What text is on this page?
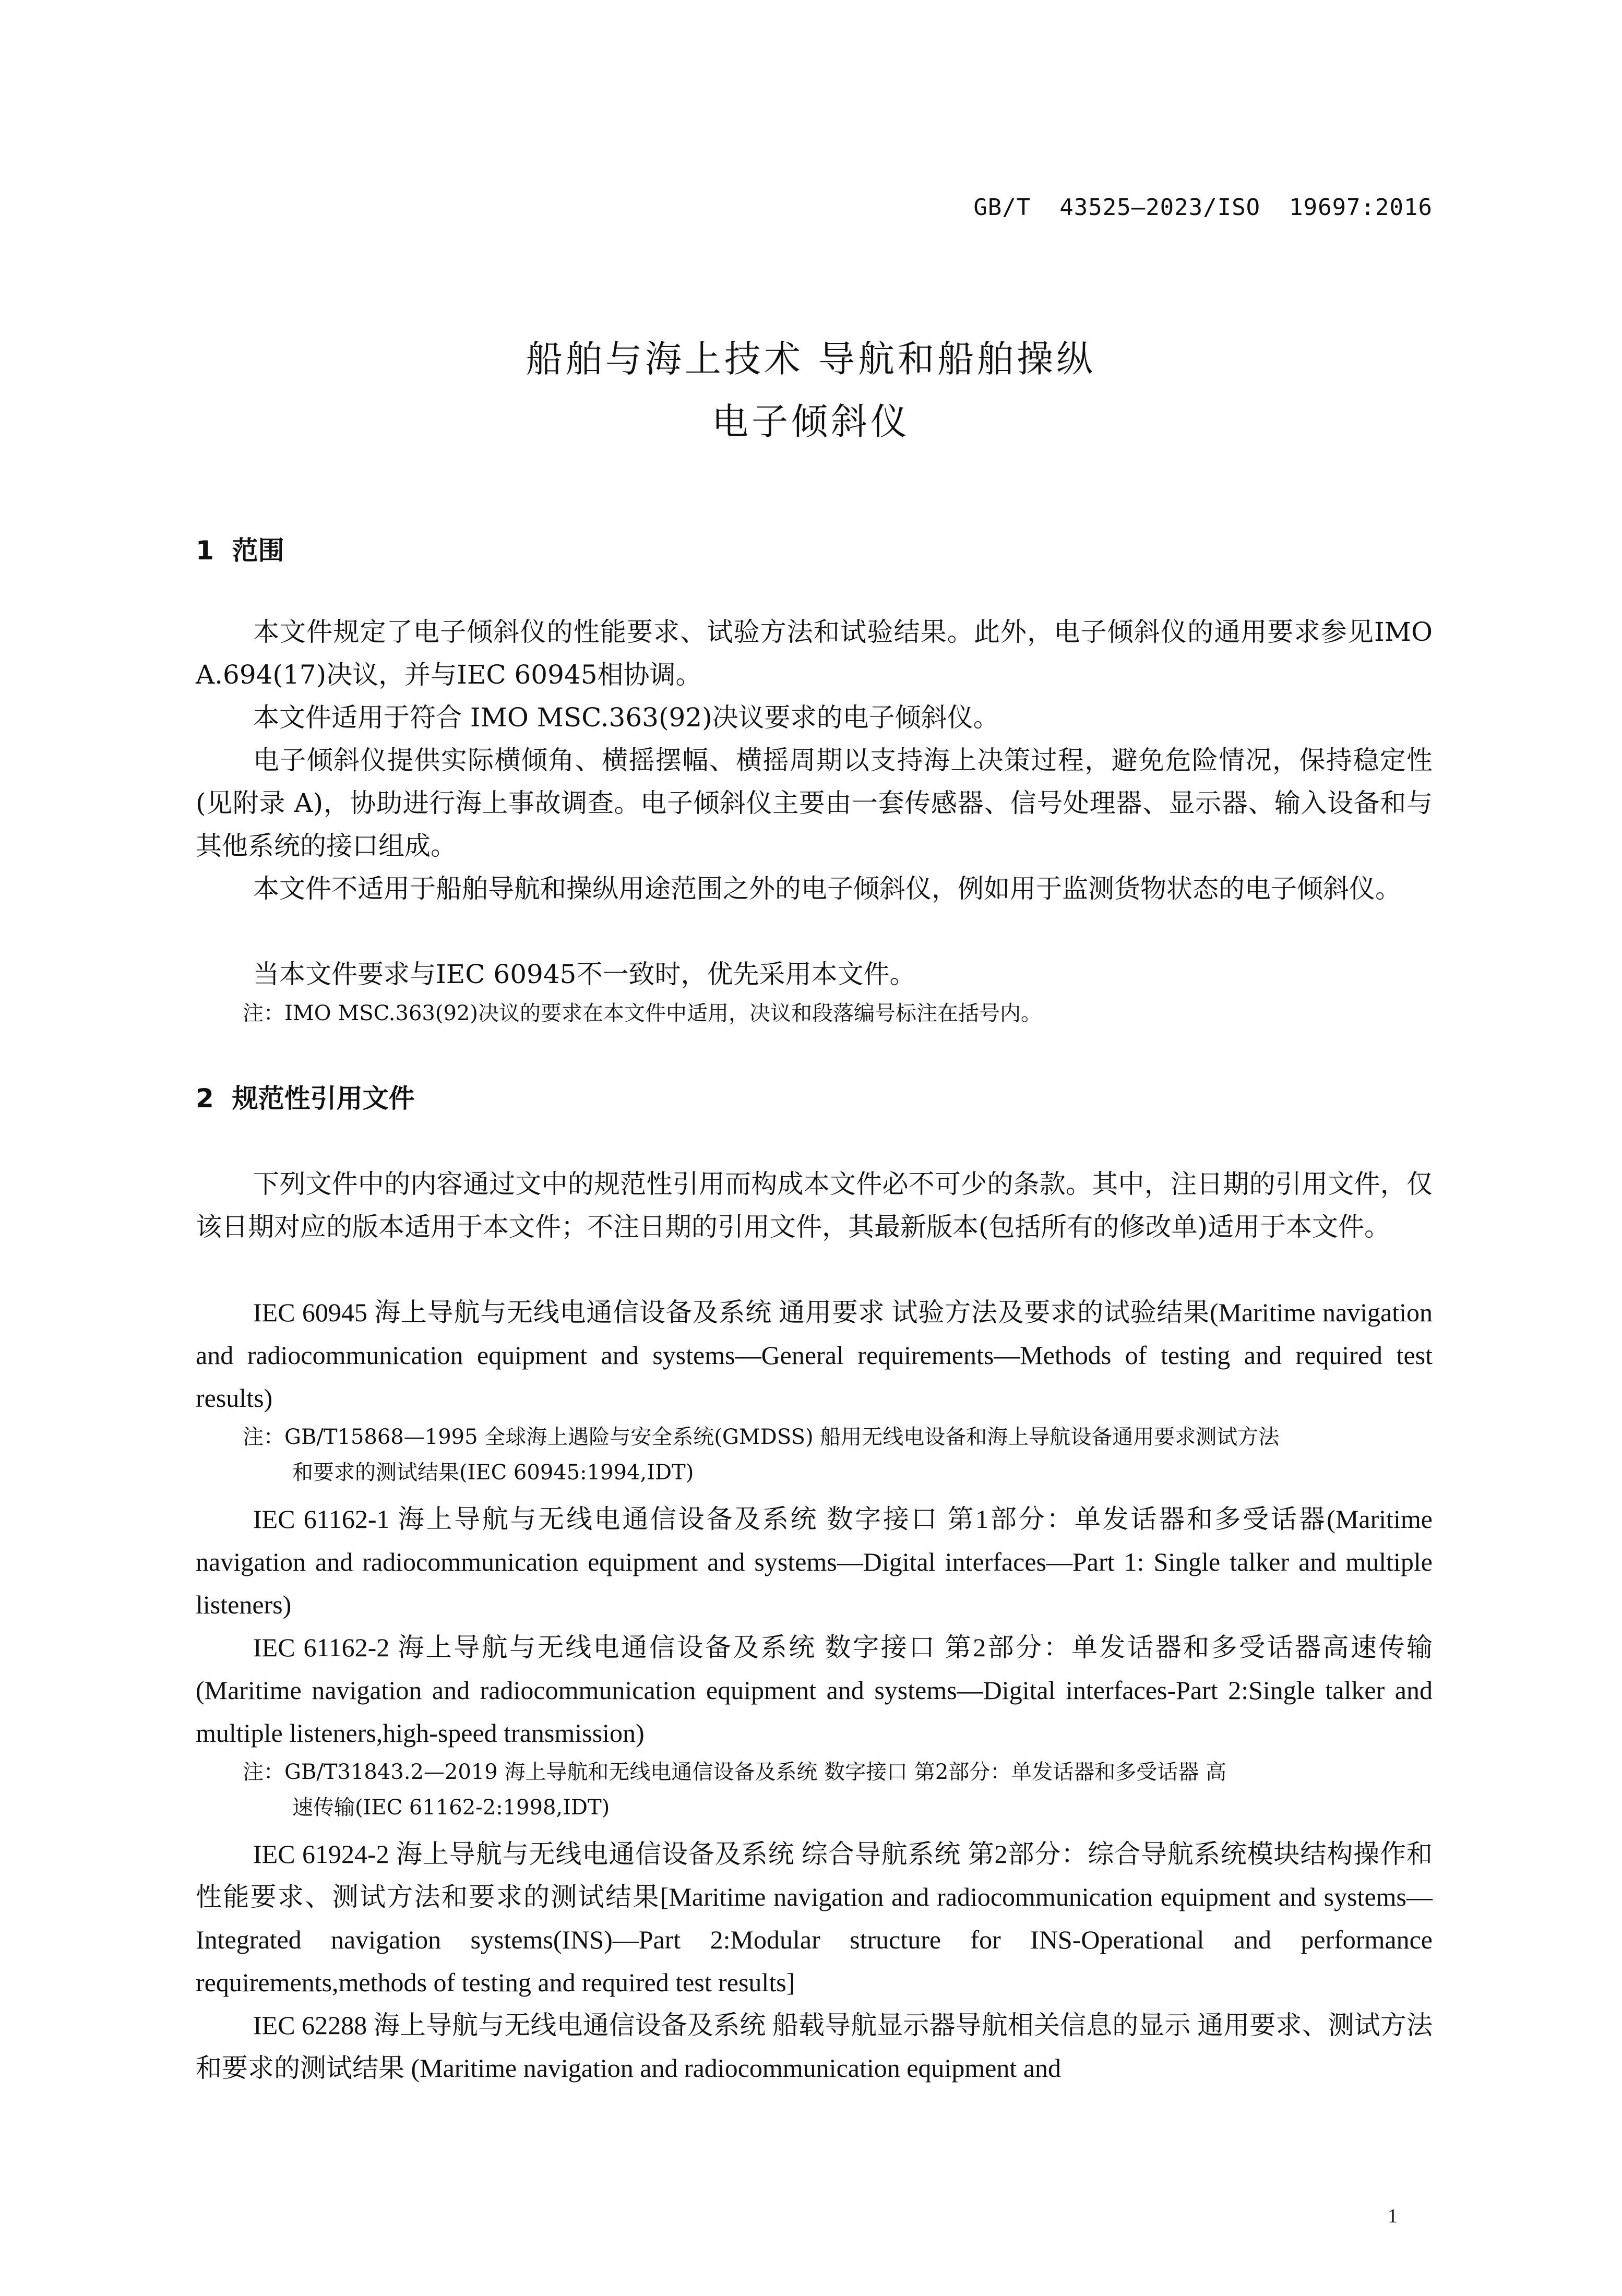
GB/T  43525—2023/ISO  19697:2016
船舶与海上技术 导航和船舶操纵
电子倾斜仪
1  范围

本文件规定了电子倾斜仪的性能要求、试验方法和试验结果。此外，电子倾斜仪的通用要求参见IMO A.694(17)决议，并与IEC 60945相协调。

本文件适用于符合 IMO MSC.363(92)决议要求的电子倾斜仪。

电子倾斜仪提供实际横倾角、横摇摆幅、横摇周期以支持海上决策过程，避免危险情况，保持稳定性(见附录 A)，协助进行海上事故调查。电子倾斜仪主要由一套传感器、信号处理器、显示器、输入设备和与其他系统的接口组成。

本文件不适用于船舶导航和操纵用途范围之外的电子倾斜仪，例如用于监测货物状态的电子倾斜仪。

当本文件要求与IEC 60945不一致时，优先采用本文件。

注：IMO MSC.363(92)决议的要求在本文件中适用，决议和段落编号标注在括号内。

2  规范性引用文件

下列文件中的内容通过文中的规范性引用而构成本文件必不可少的条款。其中，注日期的引用文件，仅该日期对应的版本适用于本文件；不注日期的引用文件，其最新版本(包括所有的修改单)适用于本文件。

IEC 60945 海上导航与无线电通信设备及系统 通用要求 试验方法及要求的试验结果(Maritime navigation and radiocommunication equipment and systems—General requirements—Methods of testing and required test results)

注：GB/T15868—1995 全球海上遇险与安全系统(GMDSS) 船用无线电设备和海上导航设备通用要求测试方法
和要求的测试结果(IEC 60945:1994,IDT)

IEC 61162-1 海上导航与无线电通信设备及系统 数字接口 第1部分：单发话器和多受话器(Maritime navigation and radiocommunication equipment and systems—Digital interfaces—Part 1: Single talker and multiple listeners)

IEC 61162-2 海上导航与无线电通信设备及系统 数字接口 第2部分：单发话器和多受话器高速传输(Maritime navigation and radiocommunication equipment and systems—Digital interfaces-Part 2:Single talker and multiple listeners,high-speed transmission)

注：GB/T31843.2—2019 海上导航和无线电通信设备及系统 数字接口 第2部分：单发话器和多受话器 高
速传输(IEC 61162-2:1998,IDT)

IEC 61924-2 海上导航与无线电通信设备及系统 综合导航系统 第2部分：综合导航系统模块结构操作和性能要求、测试方法和要求的测试结果[Maritime navigation and radiocommunication equipment and systems—Integrated navigation systems(INS)—Part 2:Modular structure for INS-Operational and performance requirements,methods of testing and required test results]

IEC 62288 海上导航与无线电通信设备及系统 船载导航显示器导航相关信息的显示 通用要求、测试方法和要求的测试结果 (Maritime navigation and radiocommunication equipment and

1
